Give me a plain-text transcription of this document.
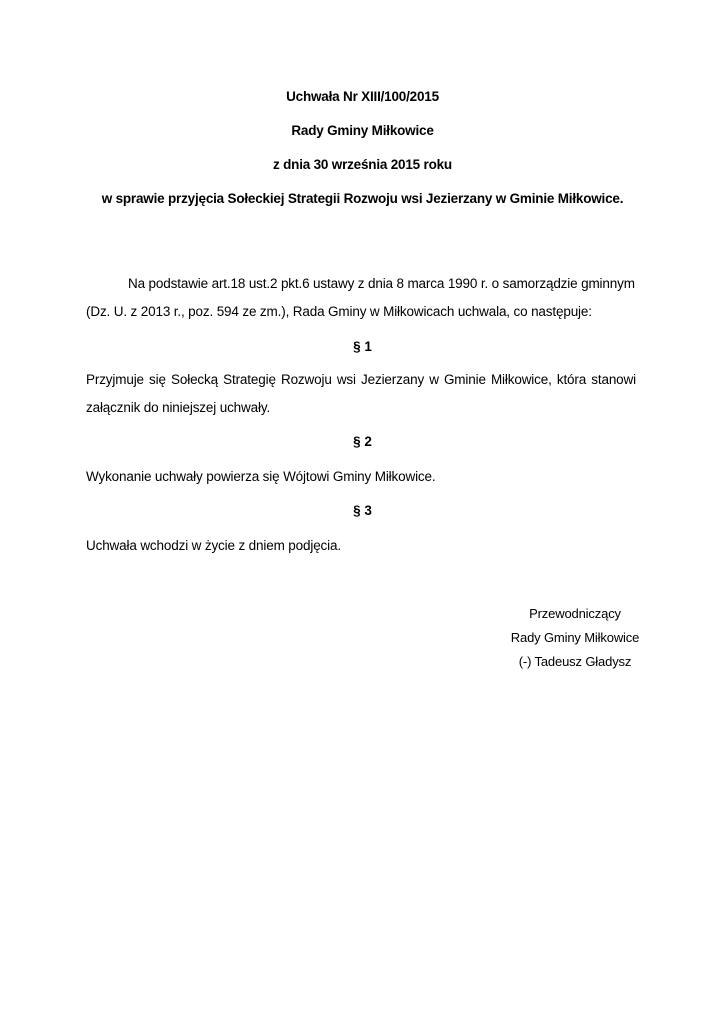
Uchwała Nr XIII/100/2015
Rady Gminy Miłkowice
z dnia 30 września 2015 roku
w sprawie przyjęcia Sołeckiej Strategii Rozwoju wsi Jezierzany w Gminie Miłkowice.
Na podstawie art.18 ust.2 pkt.6 ustawy z dnia 8 marca 1990 r. o samorządzie gminnym
(Dz. U. z 2013 r., poz. 594 ze zm.), Rada Gminy w Miłkowicach uchwala, co następuje:
§ 1
Przyjmuje się Sołecką Strategię Rozwoju wsi Jezierzany w Gminie Miłkowice, która stanowi
załącznik do niniejszej uchwały.
§ 2
Wykonanie uchwały powierza się Wójtowi Gminy Miłkowice.
§ 3
Uchwała wchodzi w życie z dniem podjęcia.
Przewodniczący
Rady Gminy Miłkowice
(-) Tadeusz Gładysz
